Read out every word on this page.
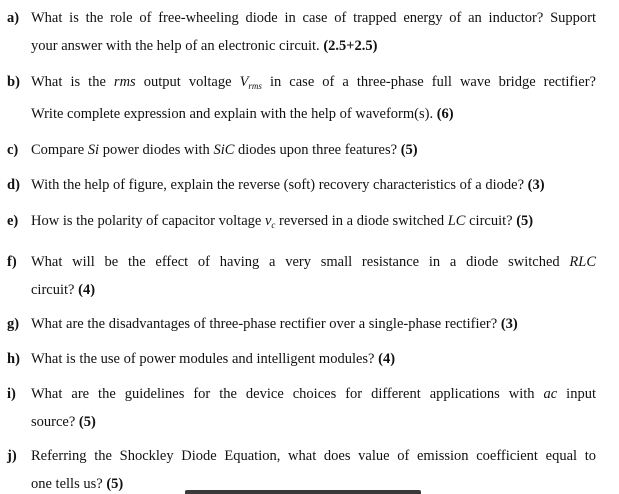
a) What is the role of free-wheeling diode in case of trapped energy of an inductor? Support
your answer with the help of an electronic circuit. (2.5+2.5)
b) What is the rms output voltage $V_{rms}$ in case of a three-phase full wave bridge rectifier?
Write complete expression and explain with the help of waveform(s). (6)
c) Compare Si power diodes with SiC diodes upon three features? (5)
d) With the help of figure, explain the reverse (soft) recovery characteristics of a diode? (3)
e) How is the polarity of capacitor voltage $v_c$ reversed in a diode switched LC circuit? (5)
f) What will be the effect of having a very small resistance in a diode switched RLC
circuit? (4)
g) What are the disadvantages of three-phase rectifier over a single-phase rectifier? (3)
h) What is the use of power modules and intelligent modules? (4)
i) What are the guidelines for the device choices for different applications with ac input
source? (5)
j) Referring the Shockley Diode Equation, what does value of emission coefficient equal to
one tells us? (5)
